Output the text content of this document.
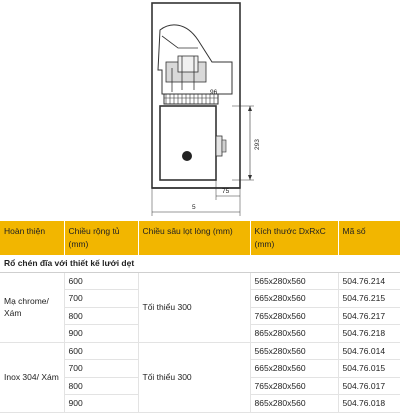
96
293
75
5
Hoàn thiện	Chiều rộng tủ (mm)	Chiều sâu lọt lòng (mm)	Kích thước DxRxC (mm)	Mã số
Rổ chén đĩa với thiết kế lưới dẹt				
Mạ chrome/ Xám	600	Tối thiểu 300	565x280x560	504.76.214
	700		665x280x560	504.76.215
	800		765x280x560	504.76.217
	900		865x280x560	504.76.218
Inox 304/ Xám	600	Tối thiểu 300	565x280x560	504.76.014
	700		665x280x560	504.76.015
	800		765x280x560	504.76.017
	900		865x280x560	504.76.018
